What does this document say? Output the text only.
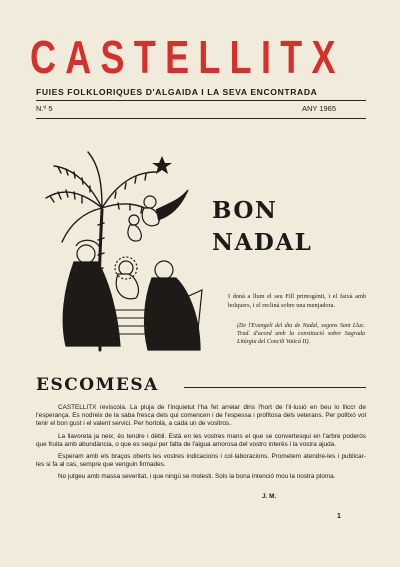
CASTELLITX
FUIES FOLKLORIQUES D'ALGAIDA I LA SEVA ENCONTRADA
N.º 5	ANY 1965
BON
NADAL
I donà a llum el seu Fill primogènit, i el faixà amb bolquers, i el reclinà sobre una menjadora.
(De l'Evangeli del dia de Nadal, segons Sant Lluc. Trad. d'acord amb la constitució sobre Sagrada Litúrgia del Concili Vaticà II).
ESCOMESA

CASTELLITX reviscola. La pluja de l'inquietut l'ha fet arrelar dins l'hort de l'il·lusió en beu lo lliccr de l'esperança. Es nodreix de la saba fresca dels qui comencen i de l'espessa i profitosa dels veterans. Per polltxó vol tenir el bon gust i el valent servici. Per hortolà, a cada un de vosltros.

La llavoreta ja neix; és tendre i dèbil. Està en les vostres mans el que se convertesqui en l'arbre poderós que fruita amb abundància, o que es sequi per falta de l'aigua amorosa del vostro interès i la vostra ajuda.

Esperam amb els braços oberts les vostres indicacions i col·laboracions. Prometem atendre-les i publicar-les si fa al cas, sempre que venguin firmades.

No jutgeu amb massa severitat, i que ningú se molesti. Sols la bona intenció mou la nostra ploma.

J. M.
1
